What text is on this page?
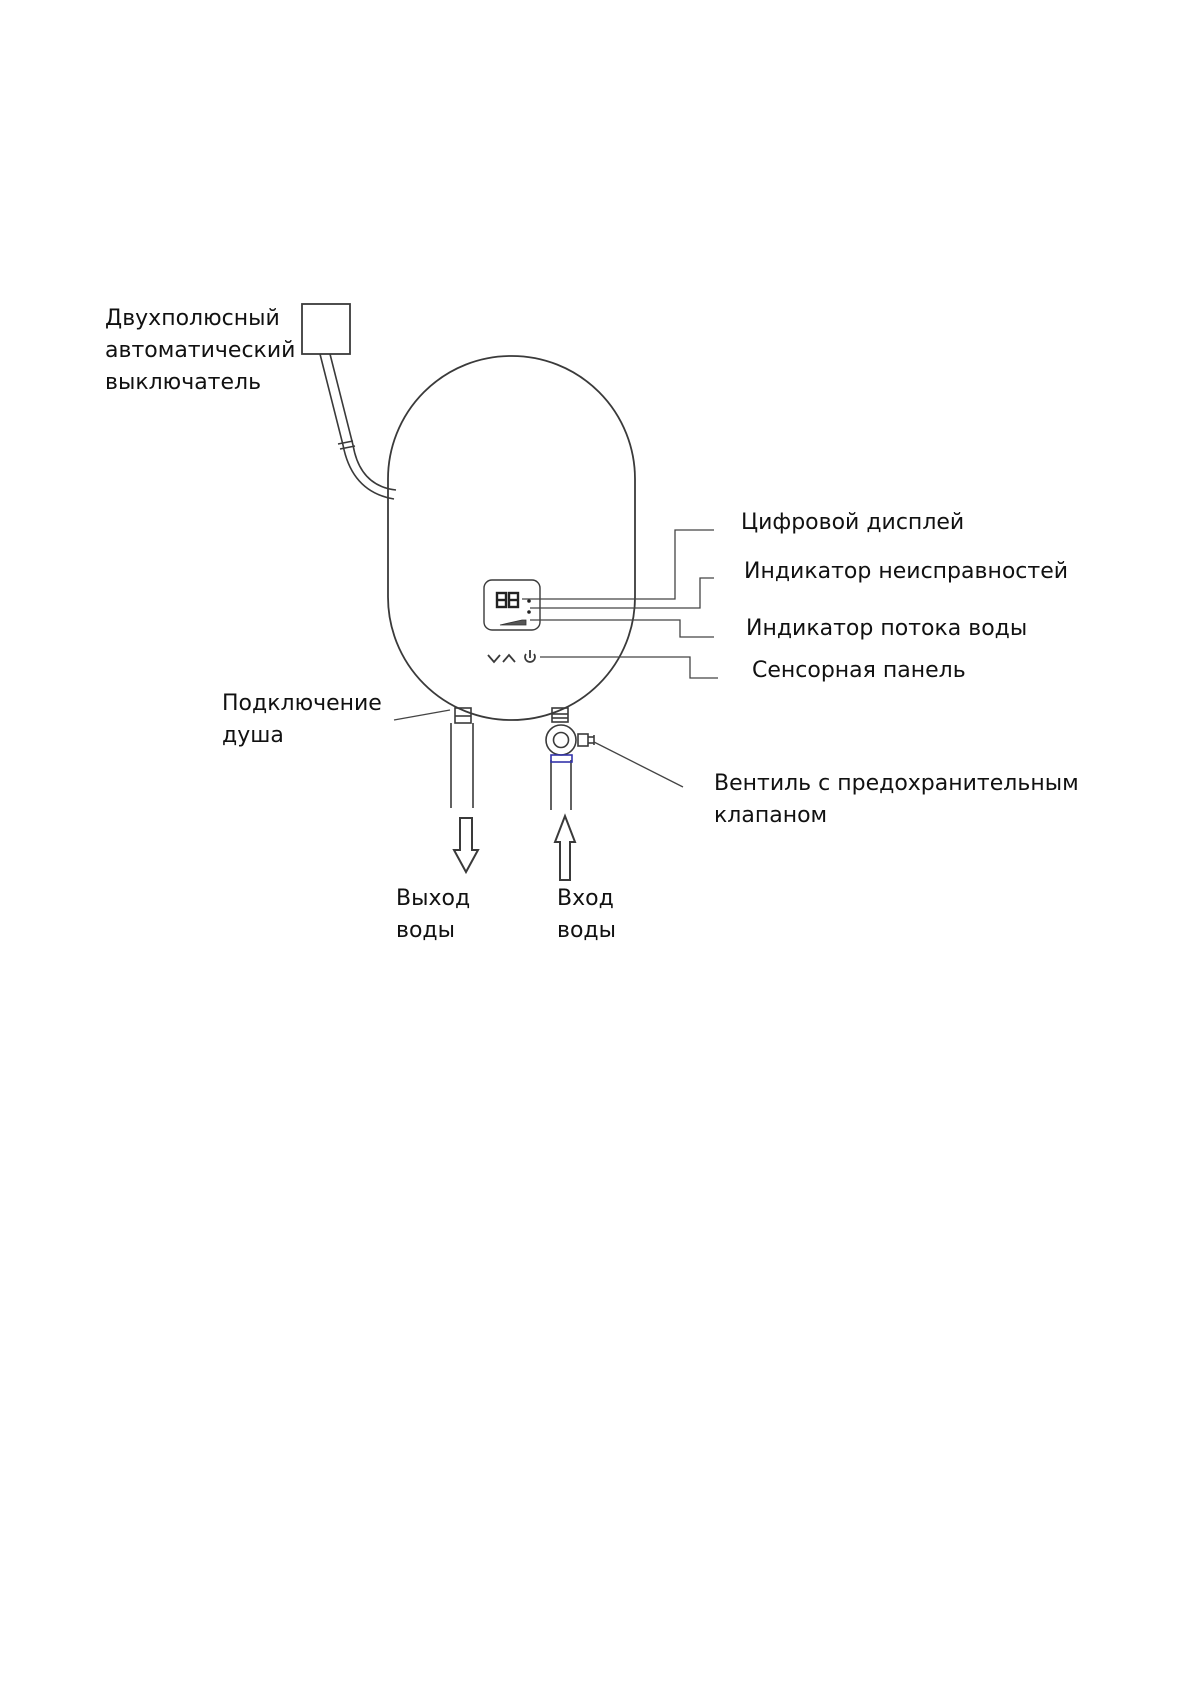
88
Двухполюсный
автоматический
выключатель
Цифровой дисплей
Индикатор неисправностей
Индикатор потока воды
Сенсорная панель
Подключение
душа
Вентиль с предохранительным
клапаном
Выход
воды
Вход
воды
